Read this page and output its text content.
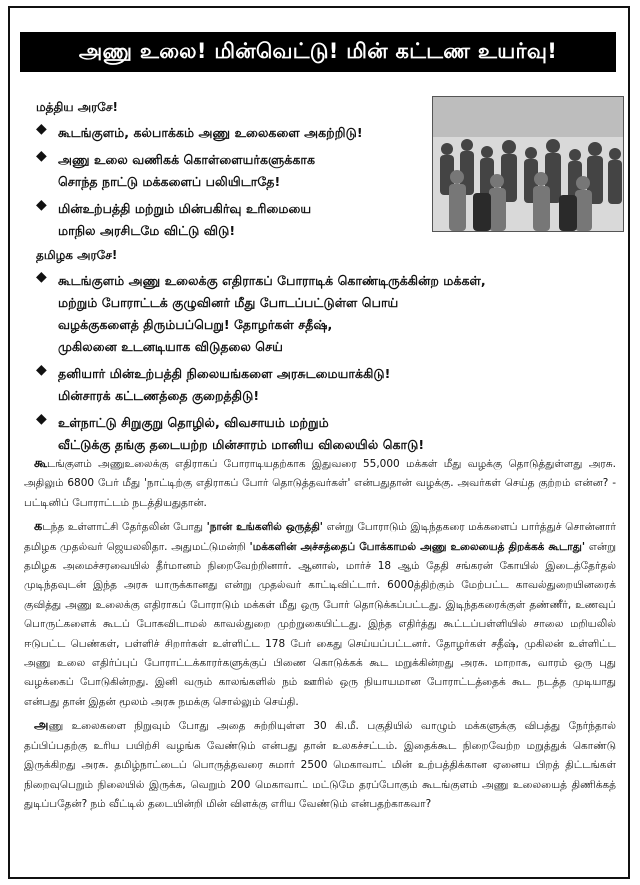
அணு உலை! மின்வெட்டு! மின் கட்டண உயர்வு!
மத்திய அரசே!
◆ கூடங்குளம், கல்பாக்கம் அணு உலைகளை அகற்றிடு!
◆ அணு உலை வணிகக் கொள்ளையர்களுக்காக
சொந்த நாட்டு மக்களைப் பலியிடாதே!
◆ மின்உற்பத்தி மற்றும் மின்பகிர்வு உரிமையை
மாநில அரசிடமே விட்டு விடு!
தமிழக அரசே!
◆ கூடங்குளம் அணு உலைக்கு எதிராகப் போராடிக் கொண்டிருக்கின்ற மக்கள்,
மற்றும் போராட்டக் குழுவினர் மீது போடப்பட்டுள்ள பொய்
வழக்குகளைத் திரும்பப்பெறு! தோழர்கள் சதீஷ்,
முகிலனை உடனடியாக விடுதலை செய்
◆ தனியார் மின்உற்பத்தி நிலையங்களை அரசுடமையாக்கிடு!
மின்சாரக் கட்டணத்தை குறைத்திடு!
◆ உள்நாட்டு சிறுகுறு தொழில், விவசாயம் மற்றும்
வீட்டுக்கு தங்கு தடையற்ற மின்சாரம் மானிய விலையில் கொடு!

கூடங்குளம் அணுஉலைக்கு எதிராகப் போராடியதற்காக இதுவரை 55,000 மக்கள் மீது வழக்கு தொடுத்துள்ளது அரசு. அதிலும் 6800 பேர் மீது 'நாட்டிற்கு எதிராகப் போர் தொடுத்தவர்கள்' என்பதுதான் வழக்கு. அவர்கள் செய்த குற்றம் என்ன? - பட்டினிப் போராட்டம் நடத்தியதுதான்.

கடந்த உள்ளாட்சி தேர்தலின் போது 'நான் உங்களில் ஒருத்தி' என்று போராடும் இடிந்தகரை மக்களைப் பார்த்துச் சொன்னார் தமிழக முதல்வர் ஜெயலலிதா. அதுமட்டுமன்றி 'மக்களின் அச்சத்தைப் போக்காமல் அணு உலையைத் திறக்கக் கூடாது' என்று தமிழக அமைச்சரவையில் தீர்மானம் நிறைவேற்றினார். ஆனால், மார்ச் 18 ஆம் தேதி சங்கரன் கோயில் இடைத்தேர்தல் முடிந்தவுடன் இந்த அரசு யாருக்கானது என்று முதல்வர் காட்டிவிட்டார். 6000த்திற்கும் மேற்பட்ட காவல்துறையினரைக் குவித்து அணு உலைக்கு எதிராகப் போராடும் மக்கள் மீது ஒரு போர் தொடுக்கப்பட்டது. இடிந்தகரைக்குள் தண்ணீர், உணவுப் பொருட்களைக் கூடப் போகவிடாமல் காவல்துறை முற்றுகையிட்டது. இந்த எதிர்த்து கூட்டப்பள்ளியில் சாலை மறியலில் ஈடுபட்ட பெண்கள், பள்ளிச் சிறார்கள் உள்ளிட்ட 178 பேர் கைது செய்யப்பட்டனர். தோழர்கள் சதீஷ், முகிலன் உள்ளிட்ட அணு உலை எதிர்ப்புப் போராட்டக்காரர்களுக்குப் பிணை கொடுக்கக் கூட மறுக்கின்றது அரசு. மாறாக, வாரம் ஒரு புது வழக்கைப் போடுகின்றது. இனி வரும் காலங்களில் நம் ஊரில் ஒரு நியாயமான போராட்டத்தைக் கூட நடத்த முடியாது என்பது தான் இதன் மூலம் அரசு நமக்கு சொல்லும் செய்தி.

அணு உலைகளை நிறுவும் போது அதை சுற்றியுள்ள 30 கி.மீ. பகுதியில் வாழும் மக்களுக்கு விபத்து நேர்ந்தால் தப்பிப்பதற்கு உரிய பயிற்சி வழங்க வேண்டும் என்பது தான் உலகச்சட்டம். இதைக்கூட நிறைவேற்ற மறுத்துக் கொண்டு இருக்கிறது அரசு. தமிழ்நாட்டைப் பொருத்தவரை சுமார் 2500 மெகாவாட் மின் உற்பத்திக்கான ஏனைய பிறத் திட்டங்கள் நிறைவுபெறும் நிலையில் இருக்க, வெறும் 200 மெகாவாட் மட்டுமே தரப்போகும் கூடங்குளம் அணு உலையைத் திணிக்கத் துடிப்பதேன்? நம் வீட்டில் தடையின்றி மின் விளக்கு எரிய வேண்டும் என்பதற்காகவா?
